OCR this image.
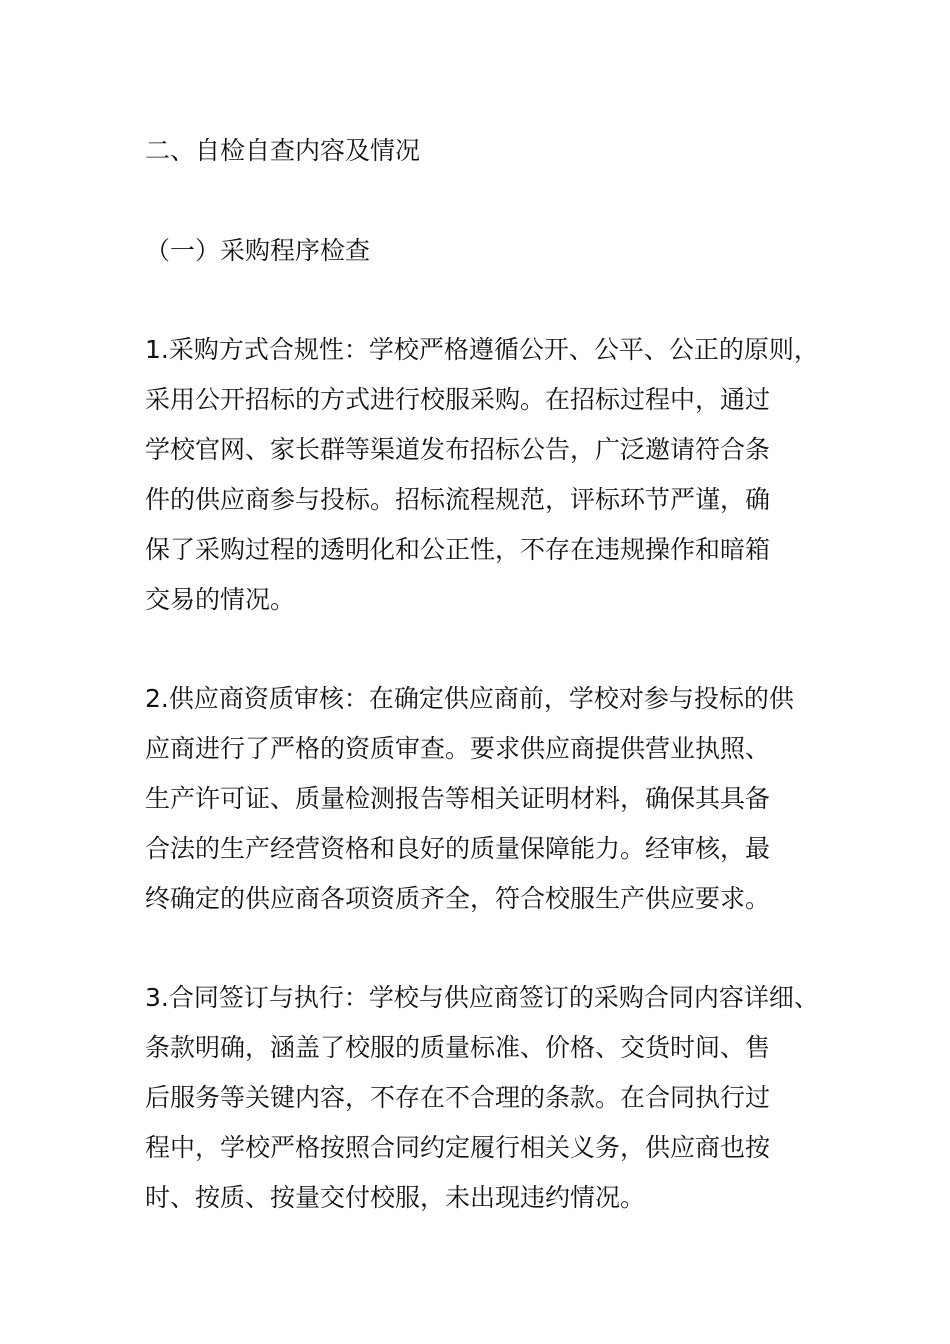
二、自检自查内容及情况
（一）采购程序检查
1.采购方式合规性：学校严格遵循公开、公平、公正的原则，
采用公开招标的方式进行校服采购。在招标过程中，通过
学校官网、家长群等渠道发布招标公告，广泛邀请符合条
件的供应商参与投标。招标流程规范，评标环节严谨，确
保了采购过程的透明化和公正性，不存在违规操作和暗箱
交易的情况。
2.供应商资质审核：在确定供应商前，学校对参与投标的供
应商进行了严格的资质审查。要求供应商提供营业执照、
生产许可证、质量检测报告等相关证明材料，确保其具备
合法的生产经营资格和良好的质量保障能力。经审核，最
终确定的供应商各项资质齐全，符合校服生产供应要求。
3.合同签订与执行：学校与供应商签订的采购合同内容详细、
条款明确，涵盖了校服的质量标准、价格、交货时间、售
后服务等关键内容，不存在不合理的条款。在合同执行过
程中，学校严格按照合同约定履行相关义务，供应商也按
时、按质、按量交付校服，未出现违约情况。
